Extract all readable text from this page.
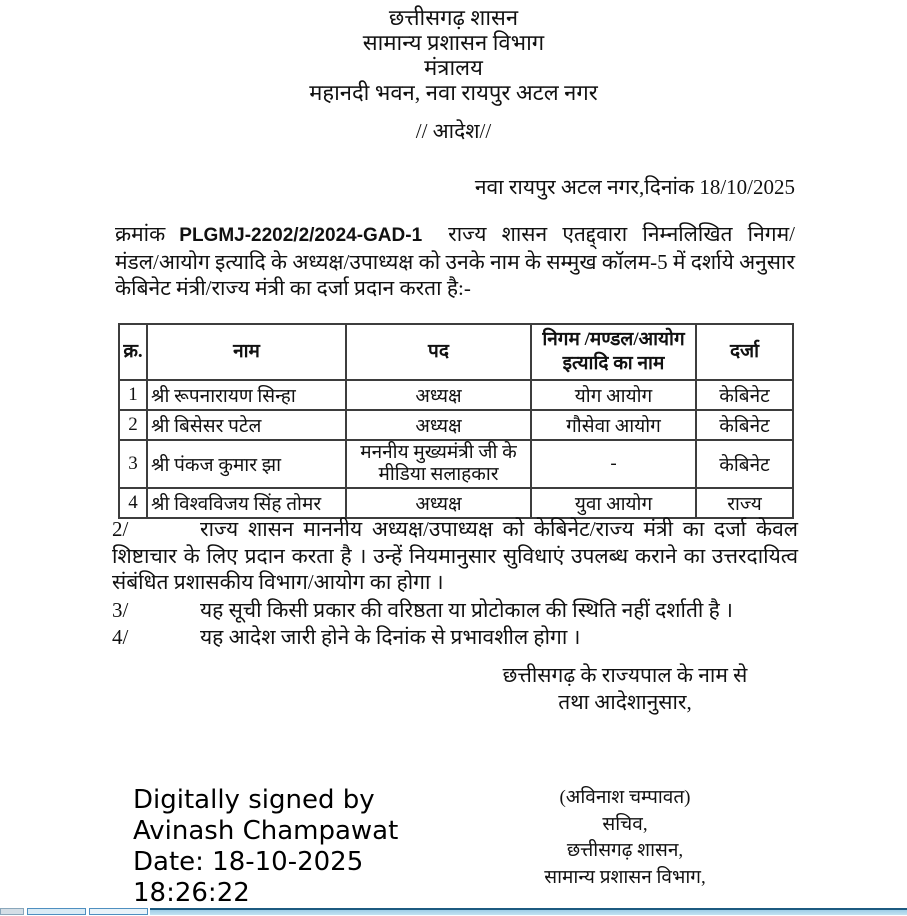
छत्तीसगढ़ शासन
सामान्य प्रशासन विभाग
मंत्रालय
महानदी भवन, नवा रायपुर अटल नगर
// आदेश//
नवा रायपुर अटल नगर,दिनांक 18/10/2025

क्रमांक PLGMJ-2202/2/2024-GAD-1 राज्य शासन एतद्द्वारा निम्नलिखित निगम/मंडल/आयोग इत्यादि के अध्यक्ष/उपाध्यक्ष को उनके नाम के सम्मुख कॉलम-5 में दर्शाये अनुसार केबिनेट मंत्री/राज्य मंत्री का दर्जा प्रदान करता है:-

क्र.	नाम	पद	निगम /मण्डल/आयोग इत्यादि का नाम	दर्जा
1	श्री रूपनारायण सिन्हा	अध्यक्ष	योग आयोग	केबिनेट
2	श्री बिसेसर पटेल	अध्यक्ष	गौसेवा आयोग	केबिनेट
3	श्री पंकज कुमार झा	मननीय मुख्यमंत्री जी के मीडिया सलाहकार	-	केबिनेट
4	श्री विश्वविजय सिंह तोमर	अध्यक्ष	युवा आयोग	राज्य

2/	राज्य शासन माननीय अध्यक्ष/उपाध्यक्ष को केबिनेट/राज्य मंत्री का दर्जा केवल शिष्टाचार के लिए प्रदान करता है । उन्हें नियमानुसार सुविधाएं उपलब्ध कराने का उत्तरदायित्व संबंधित प्रशासकीय विभाग/आयोग का होगा ।

3/	यह सूची किसी प्रकार की वरिष्ठता या प्रोटोकाल की स्थिति नहीं दर्शाती है ।

4/	यह आदेश जारी होने के दिनांक से प्रभावशील होगा ।

छत्तीसगढ़ के राज्यपाल के नाम से
तथा आदेशानुसार,
Digitally signed by
Avinash Champawat
Date: 18-10-2025
18:26:22
(अविनाश चम्पावत)
सचिव,
छत्तीसगढ़ शासन,
सामान्य प्रशासन विभाग,
